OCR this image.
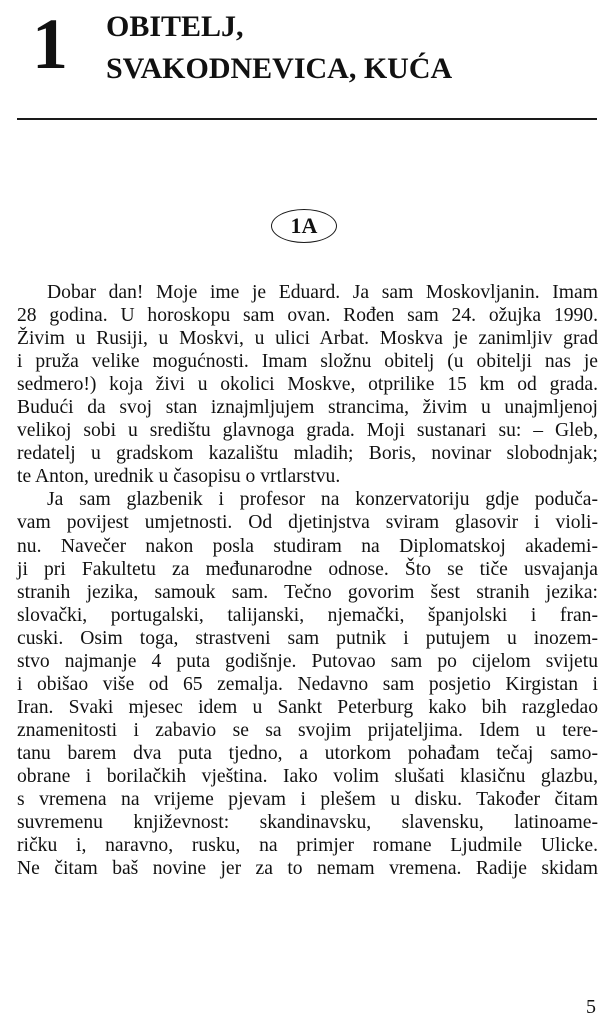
1 OBITELJ,
SVAKODNEVICA, KUĆA
1A
Dobar dan! Moje ime je Eduard. Ja sam Moskovljanin. Imam
28 godina. U horoskopu sam ovan. Rođen sam 24. ožujka 1990.
Živim u Rusiji, u Moskvi, u ulici Arbat. Moskva je zanimljiv grad
i pruža velike mogućnosti. Imam složnu obitelj (u obitelji nas je
sedmero!) koja živi u okolici Moskve, otprilike 15 km od grada.
Budući da svoj stan iznajmljujem strancima, živim u unajmljenoj
velikoj sobi u središtu glavnoga grada. Moji sustanari su: – Gleb,
redatelj u gradskom kazalištu mladih; Boris, novinar slobodnjak;
te Anton, urednik u časopisu o vrtlarstvu.
Ja sam glazbenik i profesor na konzervatoriju gdje poduča-
vam povijest umjetnosti. Od djetinjstva sviram glasovir i violi-
nu. Navečer nakon posla studiram na Diplomatskoj akademi-
ji pri Fakultetu za međunarodne odnose. Što se tiče usvajanja
stranih jezika, samouk sam. Tečno govorim šest stranih jezika:
slovački, portugalski, talijanski, njemački, španjolski i fran-
cuski. Osim toga, strastveni sam putnik i putujem u inozem-
stvo najmanje 4 puta godišnje. Putovao sam po cijelom svijetu
i obišao više od 65 zemalja. Nedavno sam posjetio Kirgistan i
Iran. Svaki mjesec idem u Sankt Peterburg kako bih razgledao
znamenitosti i zabavio se sa svojim prijateljima. Idem u tere-
tanu barem dva puta tjedno, a utorkom pohađam tečaj samo-
obrane i borilačkih vještina. Iako volim slušati klasičnu glazbu,
s vremena na vrijeme pjevam i plešem u disku. Također čitam
suvremenu književnost: skandinavsku, slavensku, latinoame-
ričku i, naravno, rusku, na primjer romane Ljudmile Ulicke.
Ne čitam baš novine jer za to nemam vremena. Radije skidam
5
